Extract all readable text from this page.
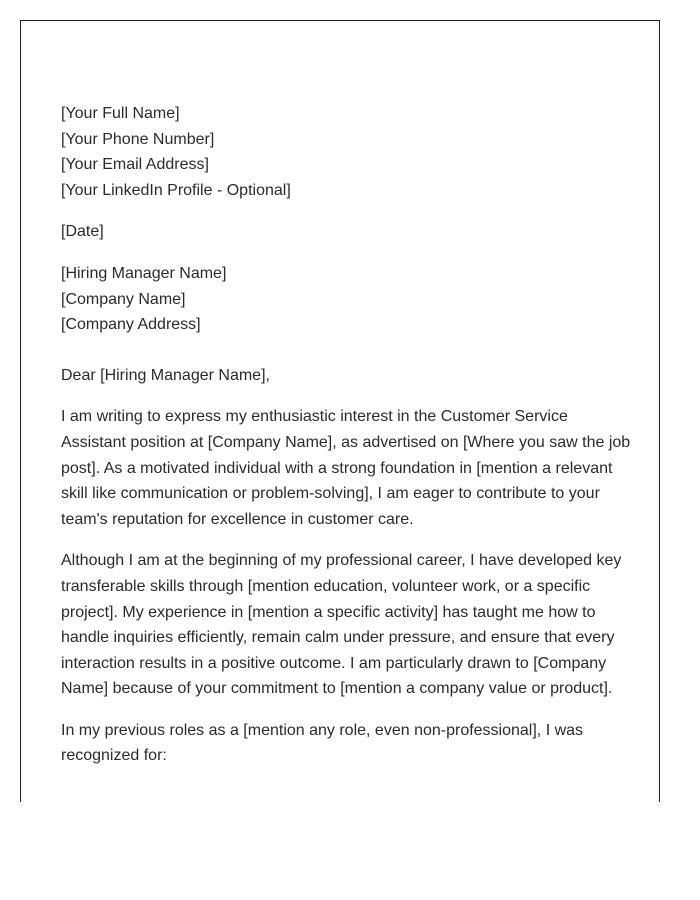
[Your Full Name]
[Your Phone Number]
[Your Email Address]
[Your LinkedIn Profile - Optional]
[Date]
[Hiring Manager Name]
[Company Name]
[Company Address]
Dear [Hiring Manager Name],

I am writing to express my enthusiastic interest in the Customer Service Assistant position at [Company Name], as advertised on [Where you saw the job post]. As a motivated individual with a strong foundation in [mention a relevant skill like communication or problem-solving], I am eager to contribute to your team's reputation for excellence in customer care.

Although I am at the beginning of my professional career, I have developed key transferable skills through [mention education, volunteer work, or a specific project]. My experience in [mention a specific activity] has taught me how to handle inquiries efficiently, remain calm under pressure, and ensure that every interaction results in a positive outcome. I am particularly drawn to [Company Name] because of your commitment to [mention a company value or product].

In my previous roles as a [mention any role, even non-professional], I was recognized for:
